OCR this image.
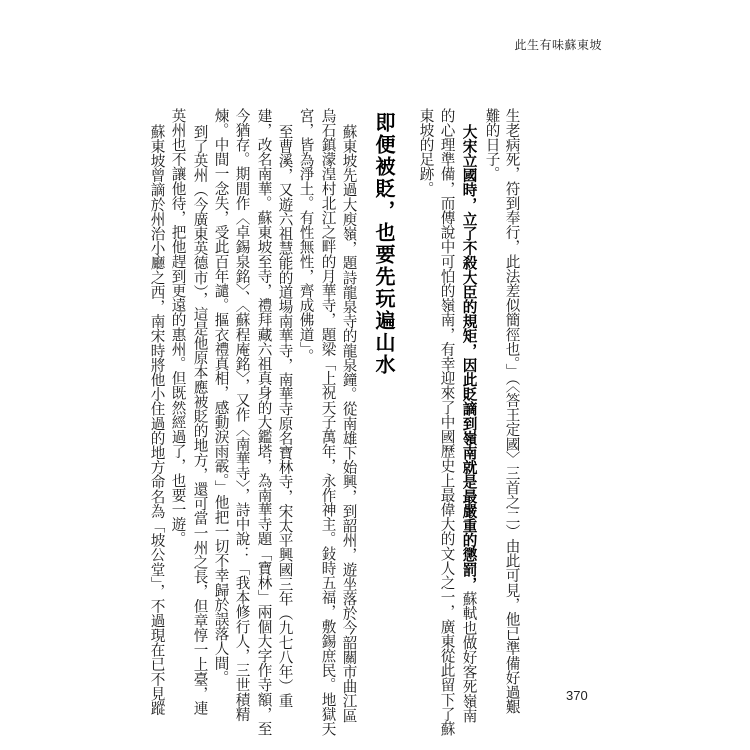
此生有味蘇東坡
生老病死，符到奉行，此法差似簡徑也。」（〈答王定國〉三首之二）由此可見，他已準備好過艱
難的日子。
大宋立國時，立了不殺大臣的規矩，因此貶謫到嶺南就是最嚴重的懲罰，蘇軾也做好客死嶺南
的心理準備，而傳說中可怕的嶺南，有幸迎來了中國歷史上最偉大的文人之一，廣東從此留下了蘇
東坡的足跡。
即便被貶，也要先玩遍山水
蘇東坡先過大庾嶺，題詩龍泉寺的龍泉鐘。從南雄下始興，到韶州，遊坐落於今韶關市曲江區
烏石鎮濛湟村北江之畔的月華寺，題梁「上祝天子萬年，永作神主。鈙時五福，敷錫庶民。地獄天
宮，皆為淨土。有性無性，齊成佛道」。
至曹溪，又遊六祖慧能的道場南華寺，南華寺原名寶林寺，宋太平興國三年（九七八年）重
建，改名南華。蘇東坡至寺，禮拜藏六祖真身的大鑑塔，為南華寺題「寶林」兩個大字作寺額，至
今猶存。期間作〈卓錫泉銘〉、〈蘇程庵銘〉，又作〈南華寺〉，詩中說：「我本修行人，三世積精
煉。中間一念失，受此百年譴。摳衣禮真相，感動淚雨霰。」他把一切不幸歸於誤落人間。
到了英州（今廣東英德市），這是他原本應被貶的地方，還可當一州之長，但章惇一上臺，連
英州也不讓他待，把他趕到更遠的惠州。但既然經過了，也要一遊。
蘇東坡曾謫於州治小廳之西，南宋時將他小住過的地方命名為「坡公堂」，不過現在已不見蹤	370
